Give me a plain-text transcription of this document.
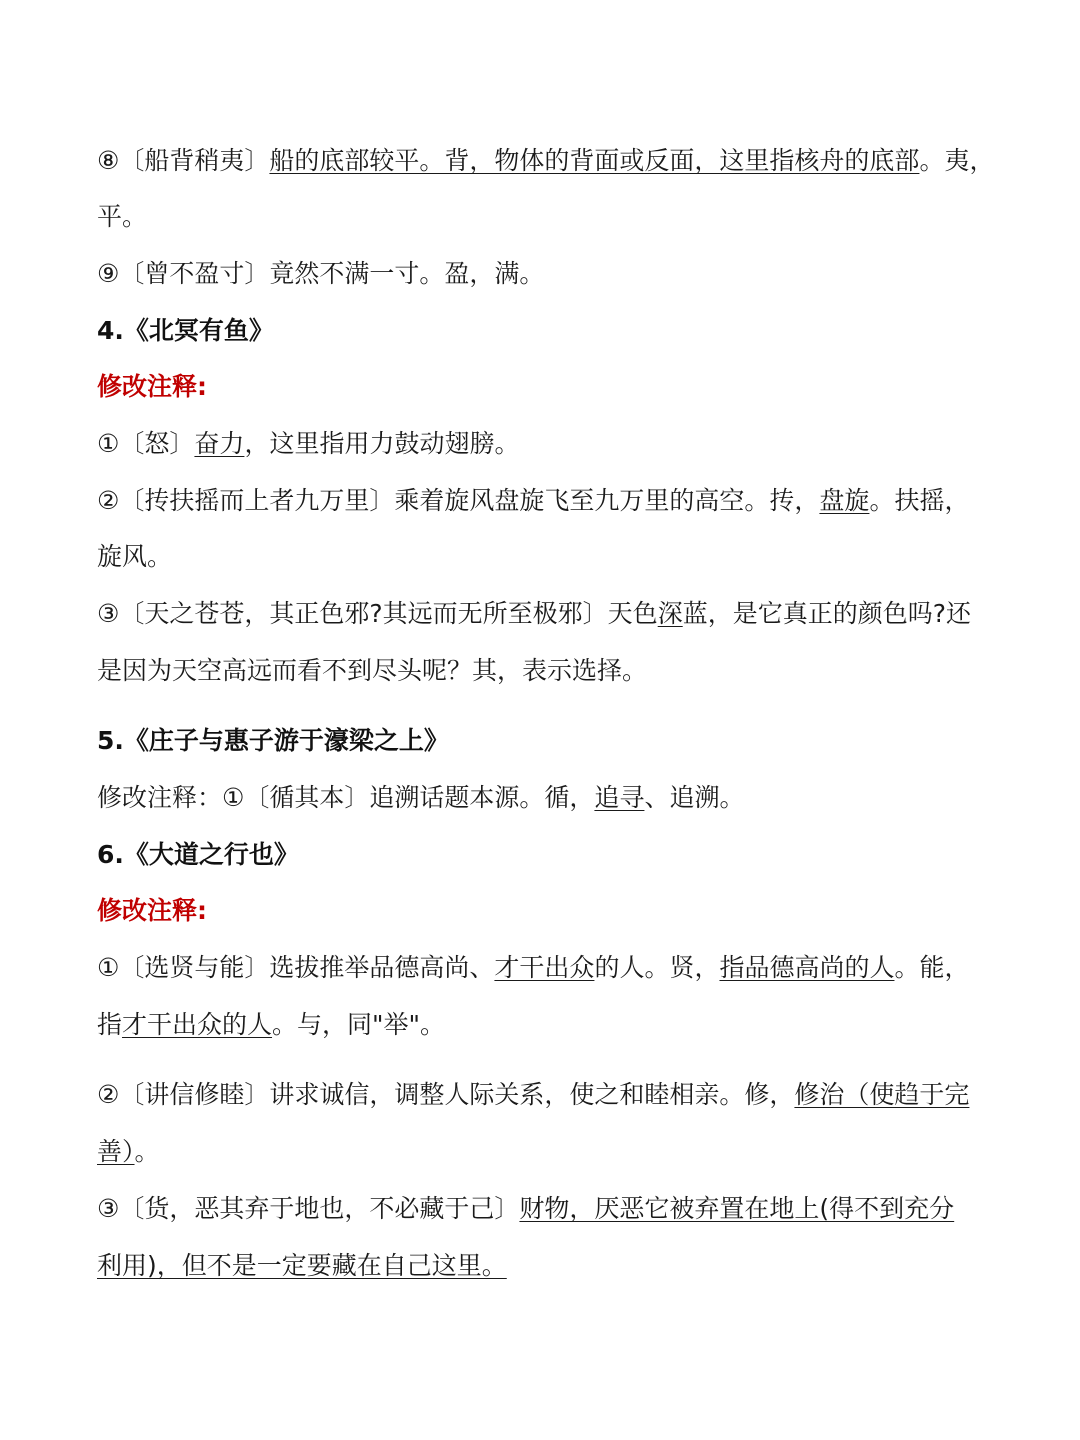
⑧〔船背稍夷〕船的底部较平。背，物体的背面或反面，这里指核舟的底部。夷，
平。
⑨〔曾不盈寸〕竟然不满一寸。盈，满。
4.《北冥有鱼》
修改注释:
①〔怒〕奋力，这里指用力鼓动翅膀。
②〔抟扶摇而上者九万里〕乘着旋风盘旋飞至九万里的高空。抟，盘旋。扶摇，
旋风。
③〔天之苍苍，其正色邪?其远而无所至极邪〕天色深蓝，是它真正的颜色吗?还
是因为天空高远而看不到尽头呢？其，表示选择。
5.《庄子与惠子游于濠梁之上》
修改注释：①〔循其本〕追溯话题本源。循，追寻、追溯。
6.《大道之行也》
修改注释:
①〔选贤与能〕选拔推举品德高尚、才干出众的人。贤，指品德高尚的人。能，
指才干出众的人。与，同"举"。
②〔讲信修睦〕讲求诚信，调整人际关系，使之和睦相亲。修，修治（使趋于完
善）。
③〔货，恶其弃于地也，不必藏于己〕财物，厌恶它被弃置在地上(得不到充分
利用)，但不是一定要藏在自己这里。
